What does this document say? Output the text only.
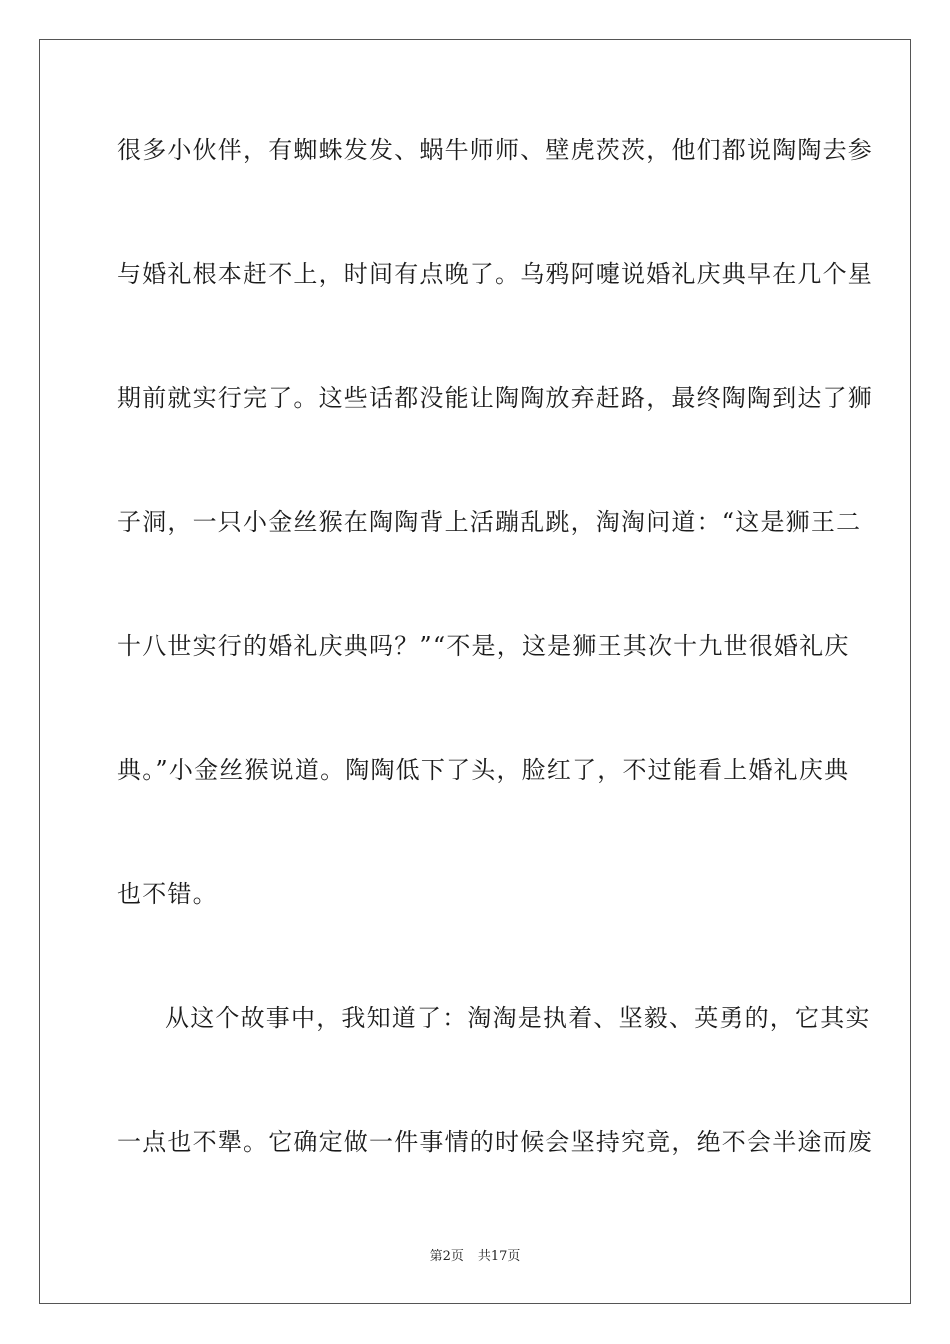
很多小伙伴，有蜘蛛发发、蜗牛师师、壁虎茨茨，他们都说陶陶去参
与婚礼根本赶不上，时间有点晚了。乌鸦阿嚏说婚礼庆典早在几个星
期前就实行完了。这些话都没能让陶陶放弃赶路，最终陶陶到达了狮
子洞，一只小金丝猴在陶陶背上活蹦乱跳，淘淘问道：“这是狮王二
十八世实行的婚礼庆典吗？”“不是，这是狮王其次十九世很婚礼庆
典。”小金丝猴说道。陶陶低下了头，脸红了，不过能看上婚礼庆典
也不错。
从这个故事中，我知道了：淘淘是执着、坚毅、英勇的，它其实
一点也不犟。它确定做一件事情的时候会坚持究竟，绝不会半途而废
第2页 共17页
